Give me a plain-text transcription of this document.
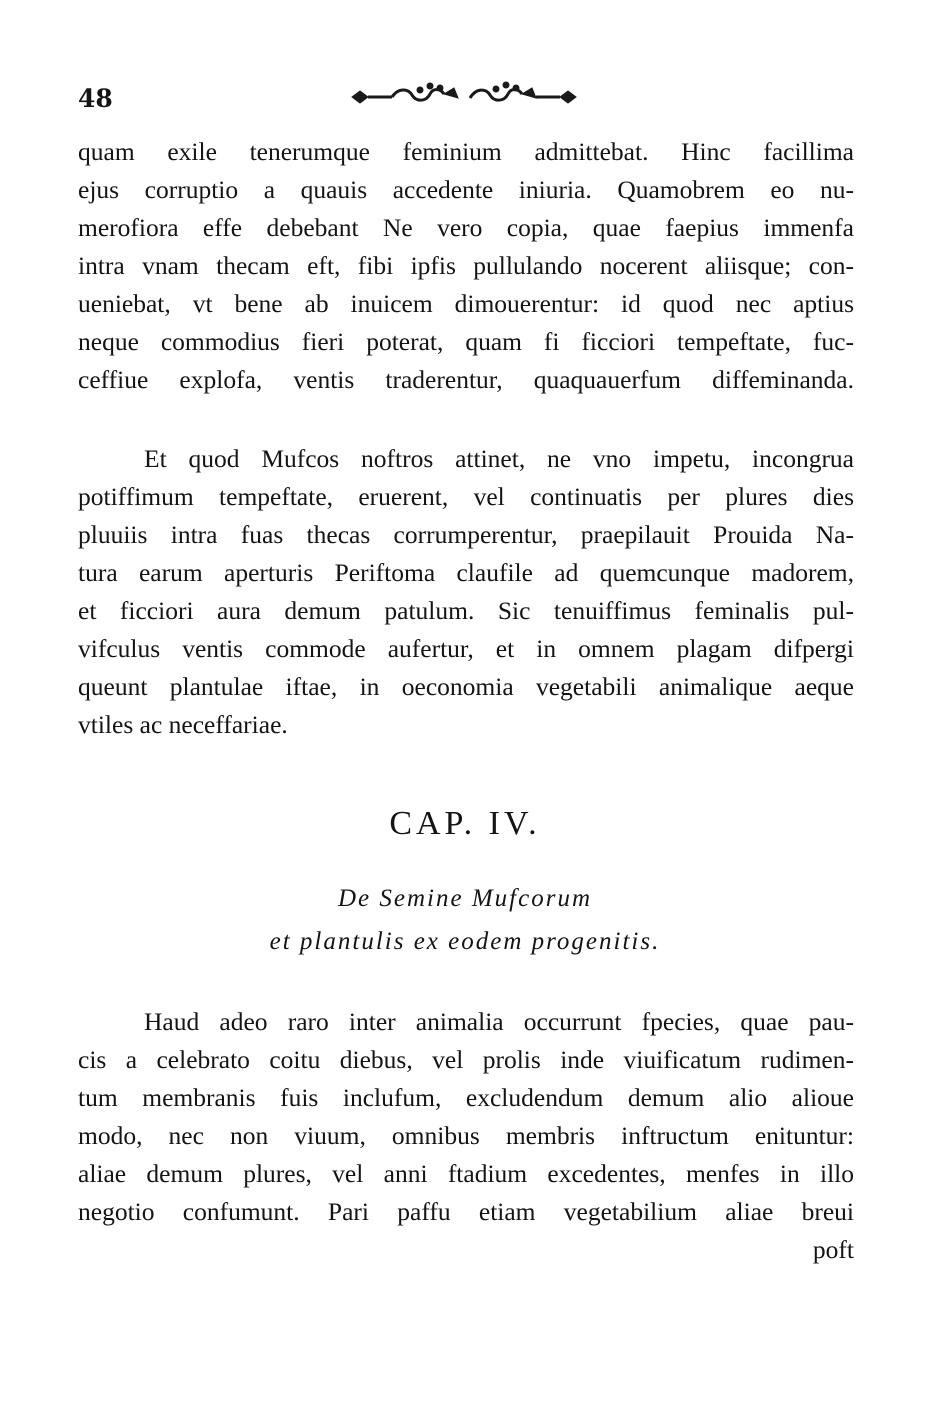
48

quam exile tenerumque feminium admittebat. Hinc facillima
ejus corruptio a quauis accedente iniuria. Quamobrem eo nu-
merofiora effe debebant Ne vero copia, quae faepius immenfa
intra vnam thecam eft, fibi ipfis pullulando nocerent aliisque; con-
ueniebat, vt bene ab inuicem dimouerentur: id quod nec aptius
neque commodius fieri poterat, quam fi ficciori tempeftate, fuc-
ceffiue explofa, ventis traderentur, quaquauerfum diffeminanda.

Et quod Mufcos noftros attinet, ne vno impetu, incongrua
potiffimum tempeftate, eruerent, vel continuatis per plures dies
pluuiis intra fuas thecas corrumperentur, praepilauit Prouida Na-
tura earum aperturis Periftoma claufile ad quemcunque madorem,
et ficciori aura demum patulum. Sic tenuiffimus feminalis pul-
vifculus ventis commode aufertur, et in omnem plagam difpergi
queunt plantulae iftae, in oeconomia vegetabili animalique aeque
vtiles ac neceffariae.

CAP. IV.
De Semine Mufcorum
et plantulis ex eodem progenitis.

Haud adeo raro inter animalia occurrunt fpecies, quae pau-
cis a celebrato coitu diebus, vel prolis inde viuificatum rudimen-
tum membranis fuis inclufum, excludendum demum alio alioue
modo, nec non viuum, omnibus membris inftructum enituntur:
aliae demum plures, vel anni ftadium excedentes, menfes in illo
negotio confumunt. Pari paffu etiam vegetabilium aliae breui
poft
